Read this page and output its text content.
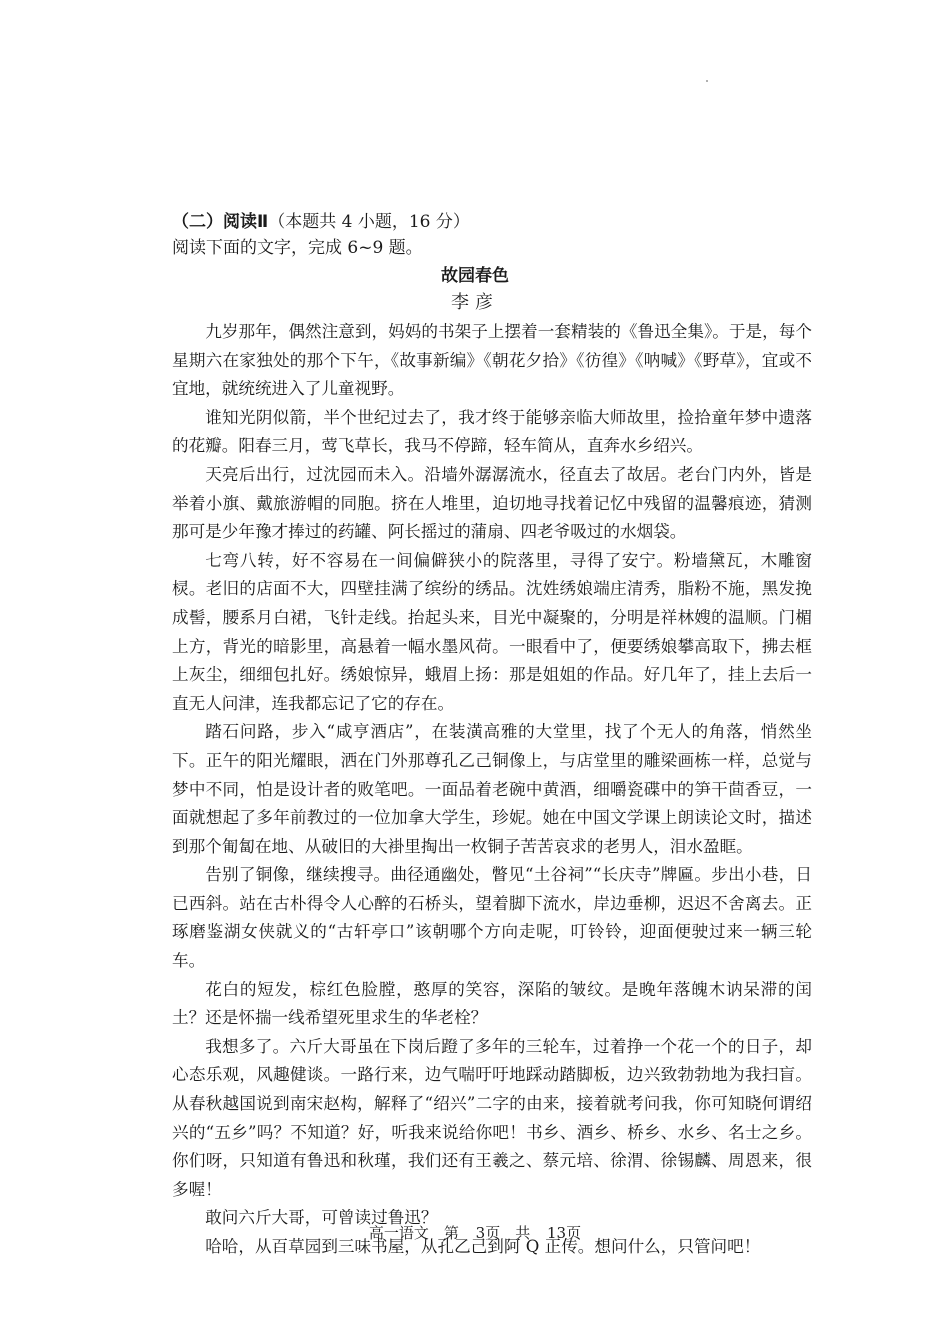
（二）阅读Ⅱ（本题共 4 小题，16 分）
阅读下面的文字，完成 6~9 题。
故园春色
李彦

九岁那年，偶然注意到，妈妈的书架子上摆着一套精装的《鲁迅全集》。于是，每个星期六在家独处的那个下午，《故事新编》《朝花夕拾》《彷徨》《呐喊》《野草》，宜或不宜地，就统统进入了儿童视野。

谁知光阴似箭，半个世纪过去了，我才终于能够亲临大师故里，捡拾童年梦中遗落的花瓣。阳春三月，莺飞草长，我马不停蹄，轻车简从，直奔水乡绍兴。

天亮后出行，过沈园而未入。沿墙外潺潺流水，径直去了故居。老台门内外，皆是举着小旗、戴旅游帽的同胞。挤在人堆里，迫切地寻找着记忆中残留的温馨痕迹，猜测那可是少年豫才捧过的药罐、阿长摇过的蒲扇、四老爷吸过的水烟袋。

七弯八转，好不容易在一间偏僻狭小的院落里，寻得了安宁。粉墙黛瓦，木雕窗棂。老旧的店面不大，四壁挂满了缤纷的绣品。沈姓绣娘端庄清秀，脂粉不施，黑发挽成髻，腰系月白裙，飞针走线。抬起头来，目光中凝聚的，分明是祥林嫂的温顺。门楣上方，背光的暗影里，高悬着一幅水墨风荷。一眼看中了，便要绣娘攀高取下，拂去框上灰尘，细细包扎好。绣娘惊异，蛾眉上扬：那是姐姐的作品。好几年了，挂上去后一直无人问津，连我都忘记了它的存在。

踏石问路，步入“咸亨酒店”，在装潢高雅的大堂里，找了个无人的角落，悄然坐下。正午的阳光耀眼，洒在门外那尊孔乙己铜像上，与店堂里的雕梁画栋一样，总觉与梦中不同，怕是设计者的败笔吧。一面品着老碗中黄酒，细嚼瓷碟中的笋干茴香豆，一面就想起了多年前教过的一位加拿大学生，珍妮。她在中国文学课上朗读论文时，描述到那个匍匐在地、从破旧的大褂里掏出一枚铜子苦苦哀求的老男人，泪水盈眶。

告别了铜像，继续搜寻。曲径通幽处，瞥见“土谷祠”“长庆寺”牌匾。步出小巷，日已西斜。站在古朴得令人心醉的石桥头，望着脚下流水，岸边垂柳，迟迟不舍离去。正琢磨鉴湖女侠就义的“古轩亭口”该朝哪个方向走呢，叮铃铃，迎面便驶过来一辆三轮车。

花白的短发，棕红色脸膛，憨厚的笑容，深陷的皱纹。是晚年落魄木讷呆滞的闰土？还是怀揣一线希望死里求生的华老栓？

我想多了。六斤大哥虽在下岗后蹬了多年的三轮车，过着挣一个花一个的日子，却心态乐观，风趣健谈。一路行来，边气喘吁吁地踩动踏脚板，边兴致勃勃地为我扫盲。从春秋越国说到南宋赵构，解释了“绍兴”二字的由来，接着就考问我，你可知晓何谓绍兴的“五乡”吗？不知道？好，听我来说给你吧！书乡、酒乡、桥乡、水乡、名士之乡。你们呀，只知道有鲁迅和秋瑾，我们还有王羲之、蔡元培、徐渭、徐锡麟、周恩来，很多喔！

敢问六斤大哥，可曾读过鲁迅？

哈哈，从百草园到三味书屋，从孔乙己到阿 Q 正传。想问什么，只管问吧！

高一语文　第 3页　共 13页
